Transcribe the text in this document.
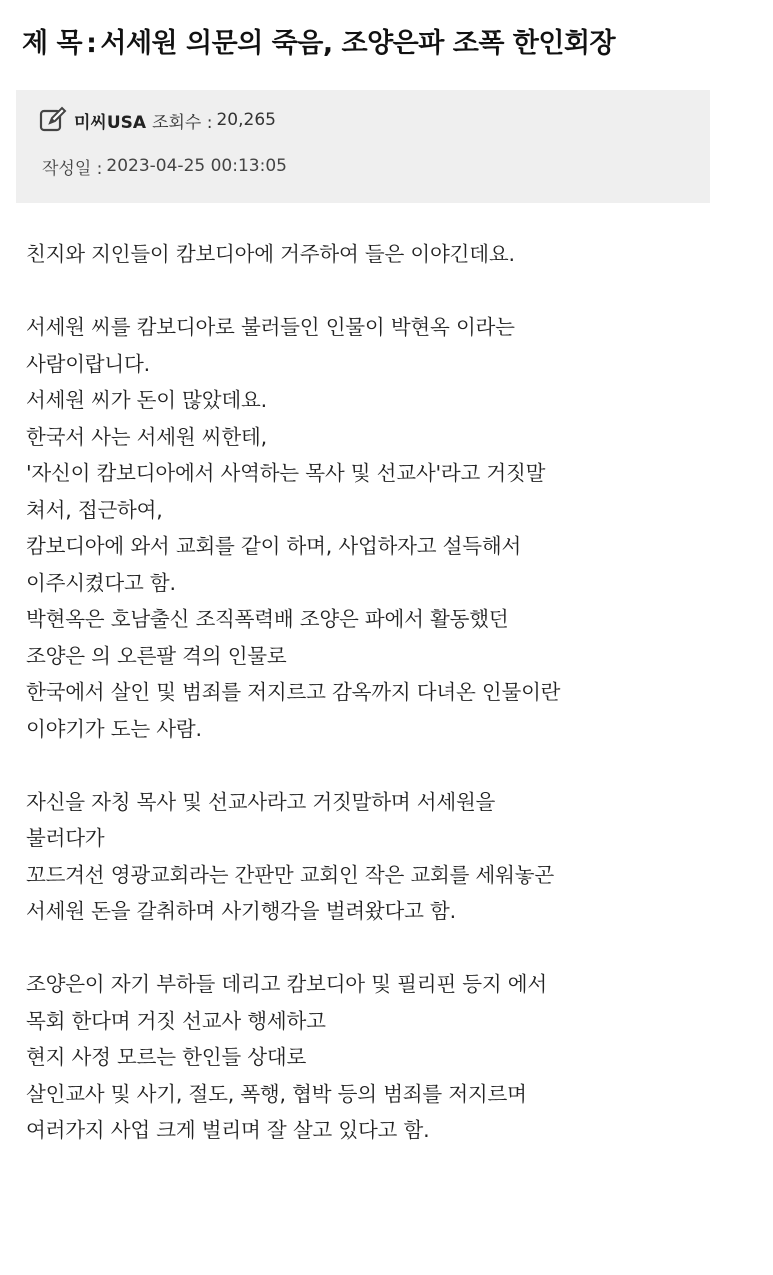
제 목 : 서세원 의문의 죽음, 조양은파 조폭 한인회장
미씨USA 조회수 : 20,265
작성일 : 2023-04-25 00:13:05
친지와 지인들이 캄보디아에 거주하여 들은 이야긴데요.
서세원 씨를 캄보디아로 불러들인 인물이 박현옥 이라는
사람이랍니다.
서세원 씨가 돈이 많았데요.
한국서 사는 서세원 씨한테,
'자신이 캄보디아에서 사역하는 목사 및 선교사'라고 거짓말
쳐서, 접근하여,
캄보디아에 와서 교회를 같이 하며, 사업하자고 설득해서
이주시켰다고 함.
박현옥은 호남출신 조직폭력배 조양은 파에서 활동했던
조양은 의 오른팔 격의 인물로
한국에서 살인 및 범죄를 저지르고 감옥까지 다녀온 인물이란
이야기가 도는 사람.
자신을 자칭 목사 및 선교사라고 거짓말하며 서세원을
불러다가
꼬드겨선 영광교회라는 간판만 교회인 작은 교회를 세워놓곤
서세원 돈을 갈취하며 사기행각을 벌려왔다고 함.
조양은이 자기 부하들 데리고 캄보디아 및 필리핀 등지 에서
목회 한다며 거짓 선교사 행세하고
현지 사정 모르는 한인들 상대로
살인교사 및 사기, 절도, 폭행, 협박 등의 범죄를 저지르며
여러가지 사업 크게 벌리며 잘 살고 있다고 함.
